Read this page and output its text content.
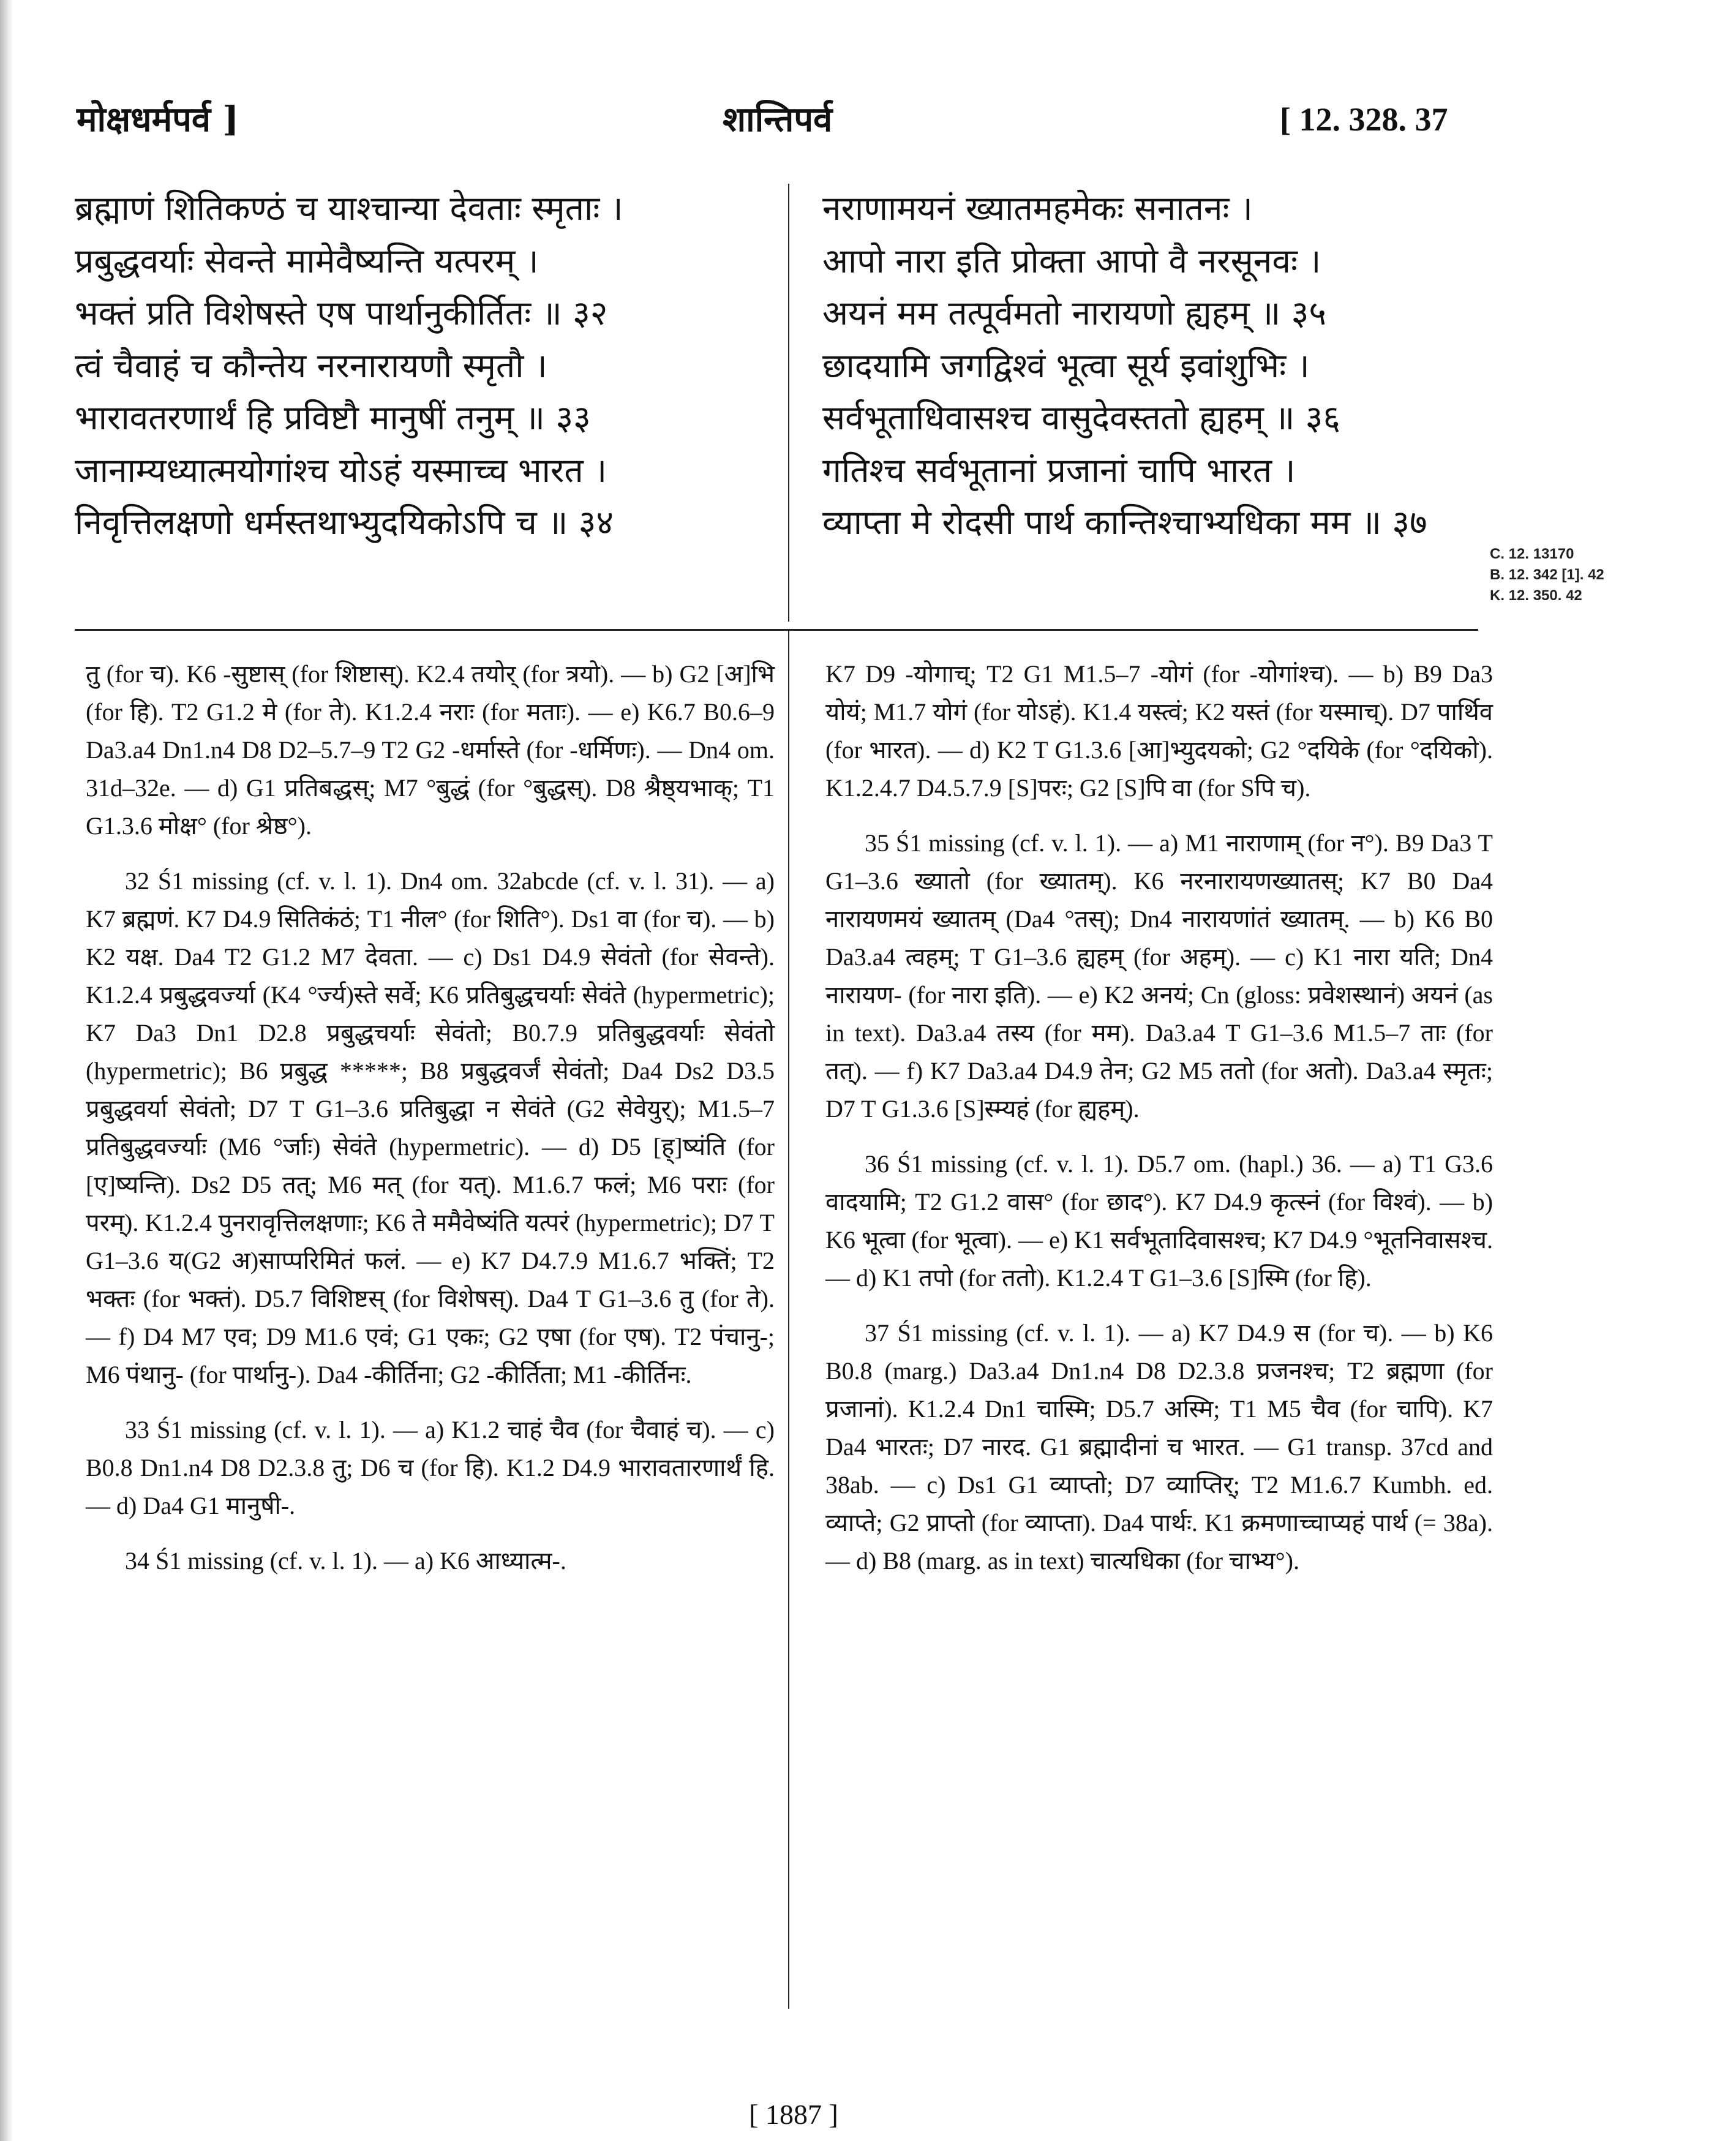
मोक्षधर्मपर्व ]	शान्तिपर्व	[ 12. 328. 37
ब्रह्माणं शितिकण्ठं च याश्चान्या देवताः स्मृताः ।
प्रबुद्धवर्याः सेवन्ते मामेवैष्यन्ति यत्परम् ।
भक्तं प्रति विशेषस्ते एष पार्थानुकीर्तितः ॥ ३२
त्वं चैवाहं च कौन्तेय नरनारायणौ स्मृतौ ।
भारावतरणार्थं हि प्रविष्टौ मानुषीं तनुम् ॥ ३३
जानाम्यध्यात्मयोगांश्च योऽहं यस्माच्च भारत ।
निवृत्तिलक्षणो धर्मस्तथाभ्युदयिकोऽपि च ॥ ३४
नराणामयनं ख्यातमहमेकः सनातनः ।
आपो नारा इति प्रोक्ता आपो वै नरसूनवः ।
अयनं मम तत्पूर्वमतो नारायणो ह्यहम् ॥ ३५
छादयामि जगद्विश्वं भूत्वा सूर्य इवांशुभिः ।
सर्वभूताधिवासश्च वासुदेवस्ततो ह्यहम् ॥ ३६
गतिश्च सर्वभूतानां प्रजानां चापि भारत ।
व्याप्ता मे रोदसी पार्थ कान्तिश्चाभ्यधिका मम ॥ ३७
C. 12. 13170
B. 12. 342 [1]. 42
K. 12. 350. 42

तु (for च). K6 -सुष्टास् (for शिष्टास्). K2.4 तयोर् (for त्रयो). — b) G2 [अ]भि (for हि). T2 G1.2 मे (for ते). K1.2.4 नराः (for मताः). — e) K6.7 B0.6–9 Da3.a4 Dn1.n4 D8 D2–5.7–9 T2 G2 -धर्मास्ते (for -धर्मिणः). — Dn4 om. 31d–32e. — d) G1 प्रतिबद्धस्; M7 °बुद्धं (for °बुद्धस्). D8 श्रैष्ठ्यभाक्; T1 G1.3.6 मोक्ष° (for श्रेष्ठ°).

32 Ś1 missing (cf. v. l. 1). Dn4 om. 32abcde (cf. v. l. 31). — a) K7 ब्रह्मणं. K7 D4.9 सितिकंठं; T1 नील° (for शिति°). Ds1 वा (for च). — b) K2 यक्ष. Da4 T2 G1.2 M7 देवता. — c) Ds1 D4.9 सेवंतो (for सेवन्ते). K1.2.4 प्रबुद्धवर्ज्या (K4 °र्ज्य)स्ते सर्वे; K6 प्रतिबुद्धचर्याः सेवंते (hypermetric); K7 Da3 Dn1 D2.8 प्रबुद्धचर्याः सेवंतो; B0.7.9 प्रतिबुद्धवर्याः सेवंतो (hypermetric); B6 प्रबुद्ध *****; B8 प्रबुद्धवर्जं सेवंतो; Da4 Ds2 D3.5 प्रबुद्धवर्या सेवंतो; D7 T G1–3.6 प्रतिबुद्धा न सेवंते (G2 सेवेयुर्); M1.5–7 प्रतिबुद्धवर्ज्याः (M6 °र्जाः) सेवंते (hypermetric). — d) D5 [ह्]ष्यंति (for [ए]ष्यन्ति). Ds2 D5 तत्; M6 मत् (for यत्). M1.6.7 फलं; M6 पराः (for परम्). K1.2.4 पुनरावृत्तिलक्षणाः; K6 ते ममैवेष्यंति यत्परं (hypermetric); D7 T G1–3.6 य(G2 अ)साप्परिमितं फलं. — e) K7 D4.7.9 M1.6.7 भक्तिं; T2 भक्तः (for भक्तं). D5.7 विशिष्टस् (for विशेषस्). Da4 T G1–3.6 तु (for ते). — f) D4 M7 एव; D9 M1.6 एवं; G1 एकः; G2 एषा (for एष). T2 पंचानु-; M6 पंथानु- (for पार्थानु-). Da4 -कीर्तिना; G2 -कीर्तिता; M1 -कीर्तिनः.

33 Ś1 missing (cf. v. l. 1). — a) K1.2 चाहं चैव (for चैवाहं च). — c) B0.8 Dn1.n4 D8 D2.3.8 तु; D6 च (for हि). K1.2 D4.9 भारावतारणार्थं हि. — d) Da4 G1 मानुषी-.

34 Ś1 missing (cf. v. l. 1). — a) K6 आध्यात्म-.

K7 D9 -योगाच्; T2 G1 M1.5–7 -योगं (for -योगांश्च). — b) B9 Da3 योयं; M1.7 योगं (for योऽहं). K1.4 यस्त्वं; K2 यस्तं (for यस्माच्). D7 पार्थिव (for भारत). — d) K2 T G1.3.6 [आ]भ्युदयको; G2 °दयिके (for °दयिको). K1.2.4.7 D4.5.7.9 [S]परः; G2 [S]पि वा (for Sपि च).

35 Ś1 missing (cf. v. l. 1). — a) M1 नाराणाम् (for न°). B9 Da3 T G1–3.6 ख्यातो (for ख्यातम्). K6 नरनारायणख्यातस्; K7 B0 Da4 नारायणमयं ख्यातम् (Da4 °तस्); Dn4 नारायणांतं ख्यातम्. — b) K6 B0 Da3.a4 त्वहम्; T G1–3.6 ह्यहम् (for अहम्). — c) K1 नारा यति; Dn4 नारायण- (for नारा इति). — e) K2 अनयं; Cn (gloss: प्रवेशस्थानं) अयनं (as in text). Da3.a4 तस्य (for मम). Da3.a4 T G1–3.6 M1.5–7 ताः (for तत्). — f) K7 Da3.a4 D4.9 तेन; G2 M5 ततो (for अतो). Da3.a4 स्मृतः; D7 T G1.3.6 [S]स्म्यहं (for ह्यहम्).

36 Ś1 missing (cf. v. l. 1). D5.7 om. (hapl.) 36. — a) T1 G3.6 वादयामि; T2 G1.2 वास° (for छाद°). K7 D4.9 कृत्स्नं (for विश्वं). — b) K6 भूत्वा (for भूत्वा). — e) K1 सर्वभूतादिवासश्च; K7 D4.9 °भूतनिवासश्च. — d) K1 तपो (for ततो). K1.2.4 T G1–3.6 [S]स्मि (for हि).

37 Ś1 missing (cf. v. l. 1). — a) K7 D4.9 स (for च). — b) K6 B0.8 (marg.) Da3.a4 Dn1.n4 D8 D2.3.8 प्रजनश्च; T2 ब्रह्मणा (for प्रजानां). K1.2.4 Dn1 चास्मि; D5.7 अस्मि; T1 M5 चैव (for चापि). K7 Da4 भारतः; D7 नारद. G1 ब्रह्मादीनां च भारत. — G1 transp. 37cd and 38ab. — c) Ds1 G1 व्याप्तो; D7 व्याप्तिर्; T2 M1.6.7 Kumbh. ed. व्याप्ते; G2 प्राप्तो (for व्याप्ता). Da4 पार्थः. K1 क्रमणाच्चाप्यहं पार्थ (= 38a). — d) B8 (marg. as in text) चात्यधिका (for चाभ्य°).

[ 1887 ]
